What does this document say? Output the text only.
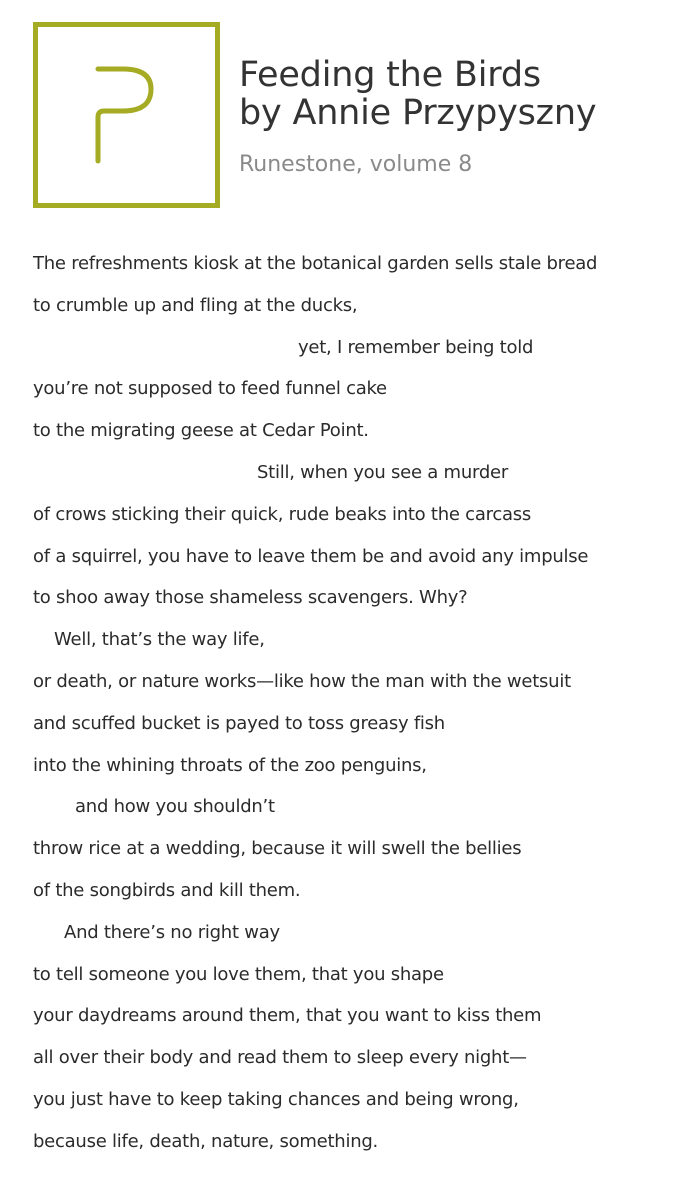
Feeding the Birds
by Annie Przypyszny
Runestone, volume 8
The refreshments kiosk at the botanical garden sells stale bread
to crumble up and fling at the ducks,
yet, I remember being told
you’re not supposed to feed funnel cake
to the migrating geese at Cedar Point.
Still, when you see a murder
of crows sticking their quick, rude beaks into the carcass
of a squirrel, you have to leave them be and avoid any impulse
to shoo away those shameless scavengers. Why?
Well, that’s the way life,
or death, or nature works—like how the man with the wetsuit
and scuffed bucket is payed to toss greasy fish
into the whining throats of the zoo penguins,
and how you shouldn’t
throw rice at a wedding, because it will swell the bellies
of the songbirds and kill them.
And there’s no right way
to tell someone you love them, that you shape
your daydreams around them, that you want to kiss them
all over their body and read them to sleep every night—
you just have to keep taking chances and being wrong,
because life, death, nature, something.
